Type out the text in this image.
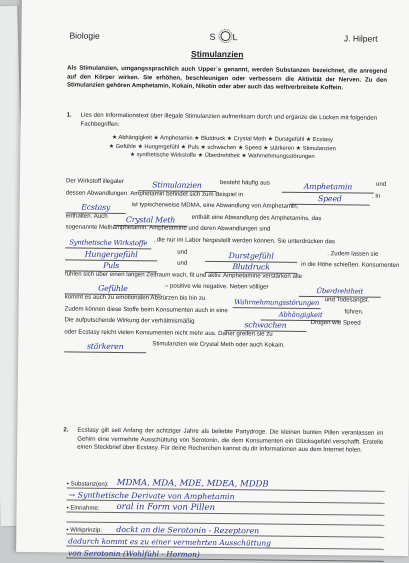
Biologie	S L	J. Hilpert
Stimulanzien
Als Stimulanzien, umgangssprachlich auch Upper´s genannt, werden Substanzen bezeichnet, die anregend auf den Körper wirken. Sie erhöhen, beschleunigen oder verbessern die Aktivität der Nerven. Zu den Stimulanzien gehören Amphetamin, Kokain, Nikotin oder aber auch das weltverbreitete Koffein.
1. Lies den Informationstext über illegale Stimulanzien aufmerksam durch und ergänze die Lücken mit folgenden Fachbegriffen:
★ Abhängigkeit ★ Amphetamin ★ Blutdruck ★ Crystal Meth ★ Durstgefühl ★ Ecstasy
★ Gefühle ★ Hungergefühl ★ Puls ★ schwachen ★ Speed ★ stärkeren ★ Stimulanzien
★ synthetische Wirkstoffe ★ Überdrehtheit ★ Wahrnehmungsstörungen
Der Wirkstoff illegaler	Stimulanzien	besteht häufig aus	Amphetamin	und
dessen Abwandlungen. Amphetamin befindet sich zum Beispiel in
Speed	. In
Ecstasy	ist typischerweise MDMA, eine Abwandlung von Amphetamin,
enthalten. Auch	Crystal Meth	enthält eine Abwandlung des Amphetamins, das
sogenannte Methamphetamin. Amphetamine und deren Abwandlungen sind
Synthetische Wirkstoffe , die nur im Labor hergestellt werden können. Sie unterdrücken das
Hungergefühl	und	Durstgefühl	. Zudem lassen sie
Puls	und	Blutdruck	in die Höhe schießen. Konsumenten
fühlen sich über einen langen Zeitraum wach, fit und aktiv. Amphetamine verstärken alle
Gefühle	– positive wie negative. Neben völliger
Überdrehtheit
kommt es auch zu emotionalen Abstürzen bis hin zu
Wahrnehmungsstörungen und Todesangst.
Zudem können diese Stoffe beim Konsumenten auch in eine
Abhängigkeit	führen.
Die aufputschende Wirkung der verhältnismäßig	schwachen	Drogen wie Speed
oder Ecstasy reicht vielen Konsumenten nicht mehr aus. Daher greifen sie zu
stärkeren	Stimulanzien wie Crystal Meth oder auch Kokain.
2. Ecstasy gilt seit Anfang der achtziger Jahre als beliebte Partydroge. Die kleinen bunten Pillen veranlassen im Gehirn eine vermehrte Ausschüttung von Serotonin, die dem Konsumenten ein Glücksgefühl verschafft. Erstelle einen Steckbrief über Ecstasy. Für deine Recherchen kannst du dir Informationen aus dem Internet holen.
• Substanz(en): MDMA, MDA, MDE, MDEA, MDDB
→ Synthetische Derivate von Amphetamin
• Einnahme: oral in Form von Pillen
• Wirkprinzip: dockt an die Serotonin - Rezeptoren
dadurch kommt es zu einer vermehrten Ausschüttung
von Serotonin (Wohlfühl - Hormon)
